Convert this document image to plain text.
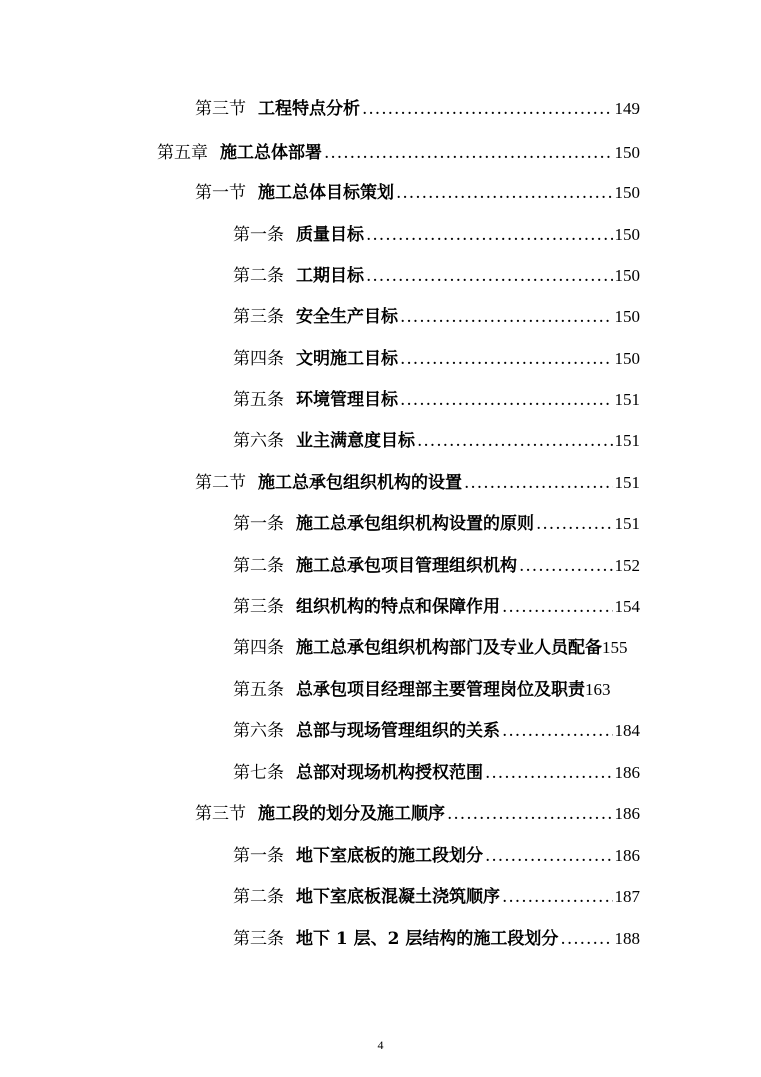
第三节 工程特点分析 .....	149
第五章 施工总体部署 .....	150
第一节 施工总体目标策划 .....	150
第一条 质量目标 .....	150
第二条 工期目标 .....	150
第三条 安全生产目标 .....	150
第四条 文明施工目标 .....	150
第五条 环境管理目标 .....	151
第六条 业主满意度目标 .....	151
第二节 施工总承包组织机构的设置 .....	151
第一条 施工总承包组织机构设置的原则 .....	151
第二条 施工总承包项目管理组织机构 .....	152
第三条 组织机构的特点和保障作用 .....	154
第四条 施工总承包组织机构部门及专业人员配备 155
第五条 总承包项目经理部主要管理岗位及职责 163
第六条 总部与现场管理组织的关系 .....	184
第七条 总部对现场机构授权范围 .....	186
第三节 施工段的划分及施工顺序 .....	186
第一条 地下室底板的施工段划分 .....	186
第二条 地下室底板混凝土浇筑顺序 .....	187
第三条 地下 1 层、2 层结构的施工段划分 .....	188
4
